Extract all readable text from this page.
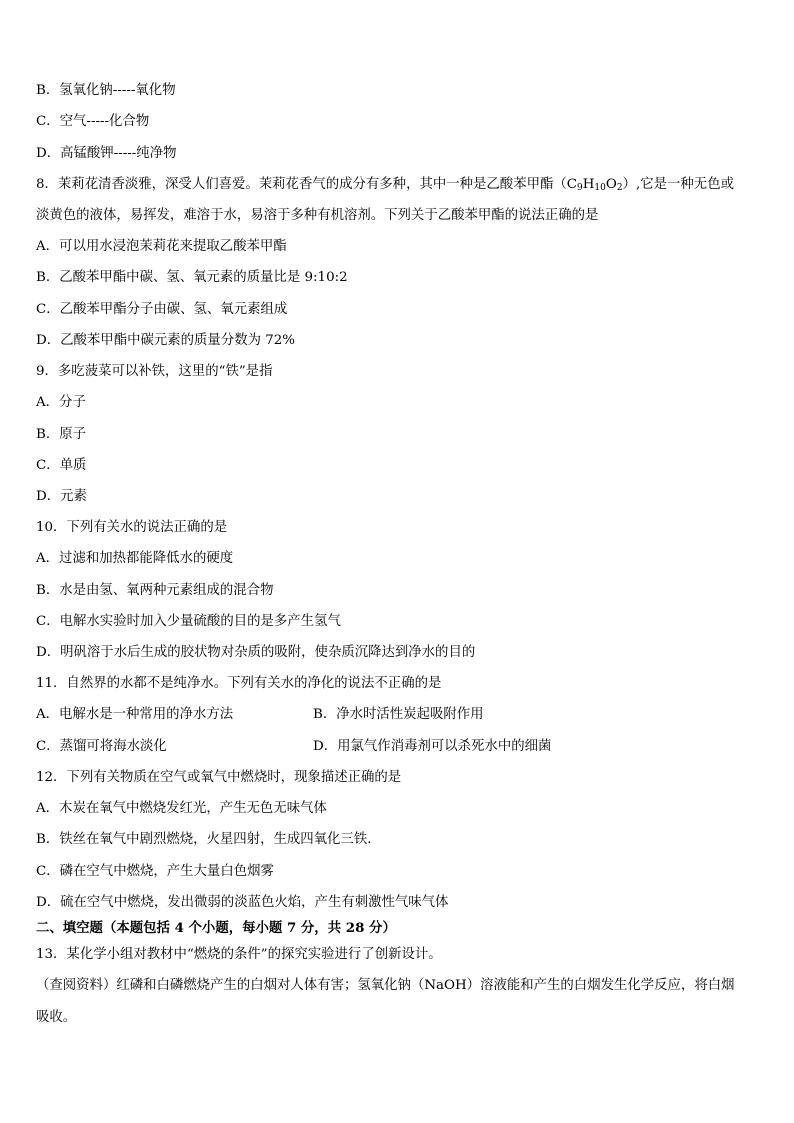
B．氢氧化钠-----氧化物
C．空气-----化合物
D．高锰酸钾-----纯净物
8．茉莉花清香淡雅，深受人们喜爱。茉莉花香气的成分有多种，其中一种是乙酸苯甲酯$(C_9H_{10}O_2)$,它是一种无色或
淡黄色的液体，易挥发，难溶于水，易溶于多种有机溶剂。下列关于乙酸苯甲酯的说法正确的是
A．可以用水浸泡茉莉花来提取乙酸苯甲酯
B．乙酸苯甲酯中碳、氢、氧元素的质量比是 9:10:2
C．乙酸苯甲酯分子由碳、氢、氧元素组成
D．乙酸苯甲酯中碳元素的质量分数为 72%
9．多吃菠菜可以补铁，这里的“铁”是指
A．分子
B．原子
C．单质
D．元素
10．下列有关水的说法正确的是
A．过滤和加热都能降低水的硬度
B．水是由氢、氧两种元素组成的混合物
C．电解水实验时加入少量硫酸的目的是多产生氢气
D．明矾溶于水后生成的胶状物对杂质的吸附，使杂质沉降达到净水的目的
11．自然界的水都不是纯净水。下列有关水的净化的说法不正确的是
A．电解水是一种常用的净水方法	B．净水时活性炭起吸附作用
C．蒸馏可将海水淡化	D．用氯气作消毒剂可以杀死水中的细菌
12．下列有关物质在空气或氧气中燃烧时，现象描述正确的是
A．木炭在氧气中燃烧发红光，产生无色无味气体
B．铁丝在氧气中剧烈燃烧，火星四射，生成四氧化三铁.
C．磷在空气中燃烧，产生大量白色烟雾
D．硫在空气中燃烧，发出微弱的淡蓝色火焰，产生有刺激性气味气体
二、填空题（本题包括 4 个小题，每小题 7 分，共 28 分）
13．某化学小组对教材中“燃烧的条件”的探究实验进行了创新设计。
（查阅资料）红磷和白磷燃烧产生的白烟对人体有害；氢氧化钠（NaOH）溶液能和产生的白烟发生化学反应，将白烟
吸收。
